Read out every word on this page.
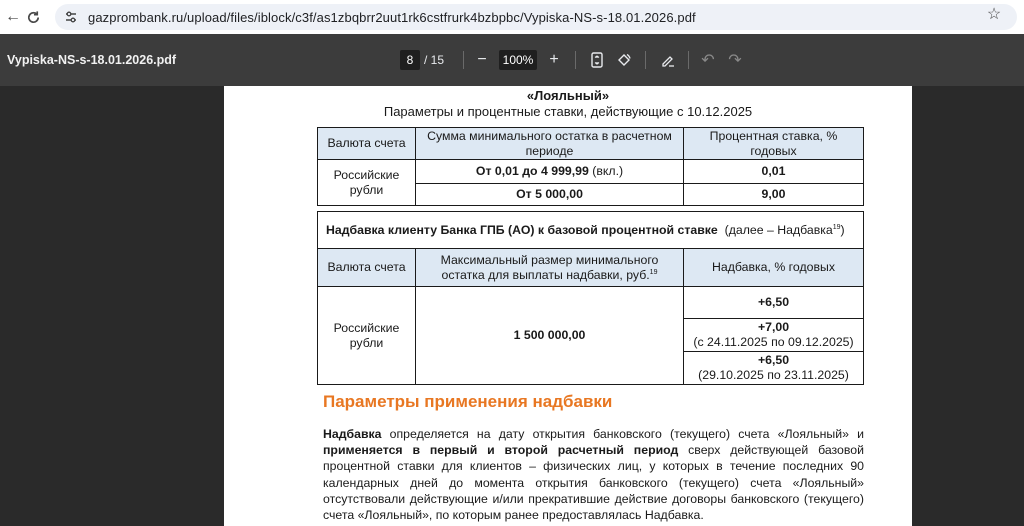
←	gazprombank.ru/upload/files/iblock/c3f/as1zbqbrr2uut1rk6cstfrurk4bzbpbc/Vypiska-NS-s-18.01.2026.pdf	☆
Vypiska-NS-s-18.01.2026.pdf	8 / 15 −	100% +	↶ ↷
«Лояльный»
Параметры и процентные ставки, действующие с 10.12.2025
Валюта счета	Сумма минимального остатка в расчетном периоде	Процентная ставка, % годовых
Российские рубли	От 0,01 до 4 999,99 (вкл.)	0,01
	От 5 000,00	9,00
Надбавка клиенту Банка ГПБ (АО) к базовой процентной ставке (далее – Надбавка$^{19}$)		
Валюта счета	Максимальный размер минимального остатка для выплаты надбавки, руб.$^{19}$	Надбавка, % годовых
Российские рубли	1 500 000,00	+6,50
		+7,00
(с 24.11.2025 по 09.12.2025)
		+6,50
(29.10.2025 по 23.11.2025)
Параметры применения надбавки
Надбавка определяется на дату открытия банковского (текущего) счета «Лояльный» и применяется в первый и второй расчетный период сверх действующей базовой процентной ставки для клиентов – физических лиц, у которых в течение последних 90 календарных дней до момента открытия банковского (текущего) счета «Лояльный» отсутствовали действующие и/или прекратившие действие договоры банковского (текущего) счета «Лояльный», по которым ранее предоставлялась Надбавка.
